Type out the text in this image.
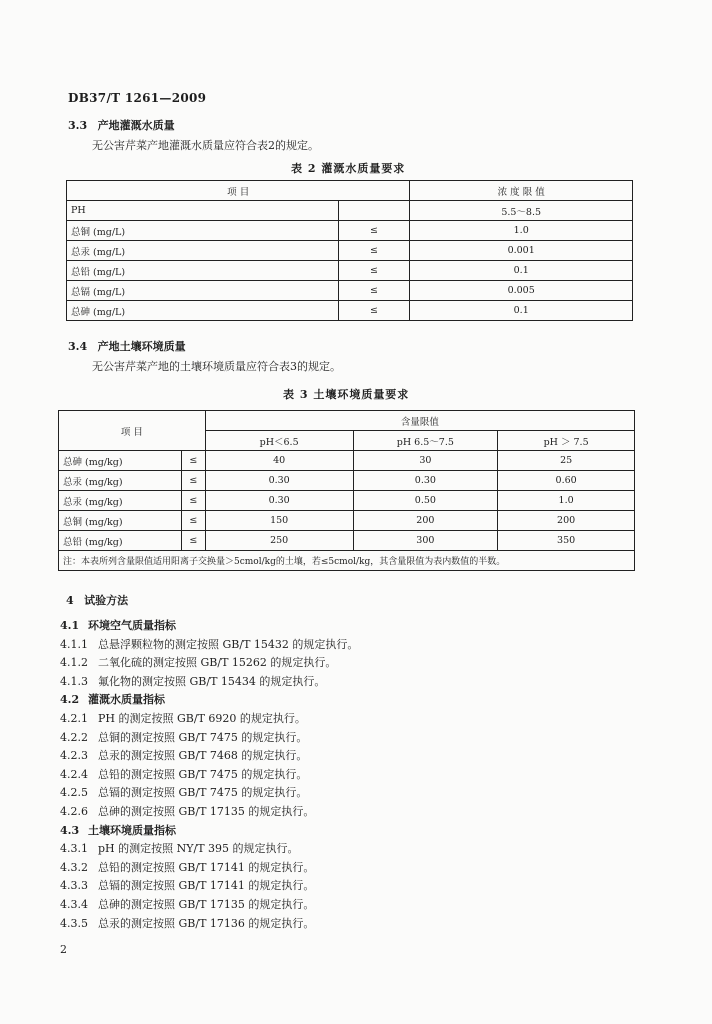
DB37/T 1261—2009
3.3 产地灌溉水质量
无公害芹菜产地灌溉水质量应符合表2的规定。
表 2 灌溉水质量要求
项 目		浓 度 限 值
PH		5.5～8.5
总铜 (mg/L)	≤	1.0
总汞 (mg/L)	≤	0.001
总铅 (mg/L)	≤	0.1
总镉 (mg/L)	≤	0.005
总砷 (mg/L)	≤	0.1
3.4 产地土壤环境质量
无公害芹菜产地的土壤环境质量应符合表3的规定。
表 3 土壤环境质量要求
项 目		含量限值		
		pH＜6.5	pH 6.5～7.5	pH ＞ 7.5
总砷 (mg/kg)	≤	40	30	25
总汞 (mg/kg)	≤	0.30	0.30	0.60
总汞 (mg/kg)	≤	0.30	0.50	1.0
总铜 (mg/kg)	≤	150	200	200
总铅 (mg/kg)	≤	250	300	350
注：本表所列含量限值适用阳离子交换量＞5cmol/kg的土壤，若≤5cmol/kg，其含量限值为表内数值的半数。				
4 试验方法
4.1 环境空气质量指标
4.1.1 总悬浮颗粒物的测定按照 GB/T 15432 的规定执行。
4.1.2 二氧化硫的测定按照 GB/T 15262 的规定执行。
4.1.3 氟化物的测定按照 GB/T 15434 的规定执行。
4.2 灌溉水质量指标
4.2.1 PH 的测定按照 GB/T 6920 的规定执行。
4.2.2 总铜的测定按照 GB/T 7475 的规定执行。
4.2.3 总汞的测定按照 GB/T 7468 的规定执行。
4.2.4 总铅的测定按照 GB/T 7475 的规定执行。
4.2.5 总镉的测定按照 GB/T 7475 的规定执行。
4.2.6 总砷的测定按照 GB/T 17135 的规定执行。
4.3 土壤环境质量指标
4.3.1 pH 的测定按照 NY/T 395 的规定执行。
4.3.2 总铅的测定按照 GB/T 17141 的规定执行。
4.3.3 总镉的测定按照 GB/T 17141 的规定执行。
4.3.4 总砷的测定按照 GB/T 17135 的规定执行。
4.3.5 总汞的测定按照 GB/T 17136 的规定执行。
2
